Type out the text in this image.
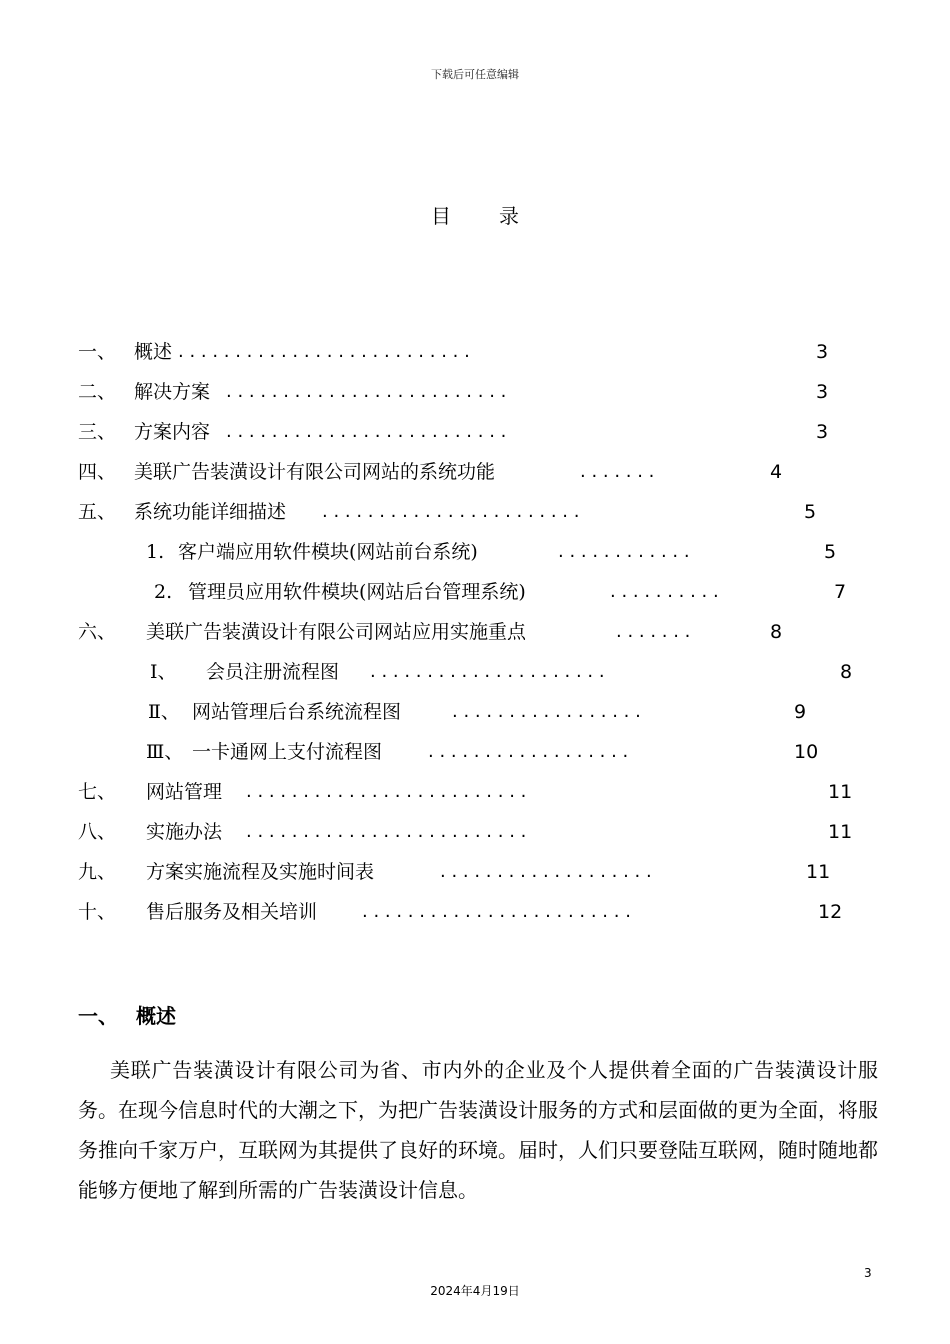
下载后可任意编辑
目 录
一、 概述 . . . . . . . . . . . . . . . . . . . . . . . . . .	3
二、 解决方案 . . . . . . . . . . . . . . . . . . . . . . . . .	3
三、 方案内容 . . . . . . . . . . . . . . . . . . . . . . . . .	3
四、 美联广告装潢设计有限公司网站的系统功能	. . . . . . .	4
五、 系统功能详细描述 . . . . . . . . . . . . . . . . . . . . . . .	5
1. 客户端应用软件模块(网站前台系统)	. . . . . . . . . . . .	5
2. 管理员应用软件模块(网站后台管理系统)	. . . . . . . . . .	7
六、 美联广告装潢设计有限公司网站应用实施重点	. . . . . . .	8
Ⅰ、 会员注册流程图 . . . . . . . . . . . . . . . . . . . . .	8
Ⅱ、 网站管理后台系统流程图	. . . . . . . . . . . . . . . . .	9
Ⅲ、 一卡通网上支付流程图	. . . . . . . . . . . . . . . . . .	10
七、 网站管理 . . . . . . . . . . . . . . . . . . . . . . . . .	11
八、 实施办法 . . . . . . . . . . . . . . . . . . . . . . . . .	11
九、 方案实施流程及实施时间表	. . . . . . . . . . . . . . . . . . .	11
十、 售后服务及相关培训 . . . . . . . . . . . . . . . . . . . . . . . .	12
一、 概述
美联广告装潢设计有限公司为省、市内外的企业及个人提供着全面的广告装潢设计服务。在现今信息时代的大潮之下，为把广告装潢设计服务的方式和层面做的更为全面，将服务推向千家万户，互联网为其提供了良好的环境。届时，人们只要登陆互联网，随时随地都能够方便地了解到所需的广告装潢设计信息。
3
2024年4月19日
